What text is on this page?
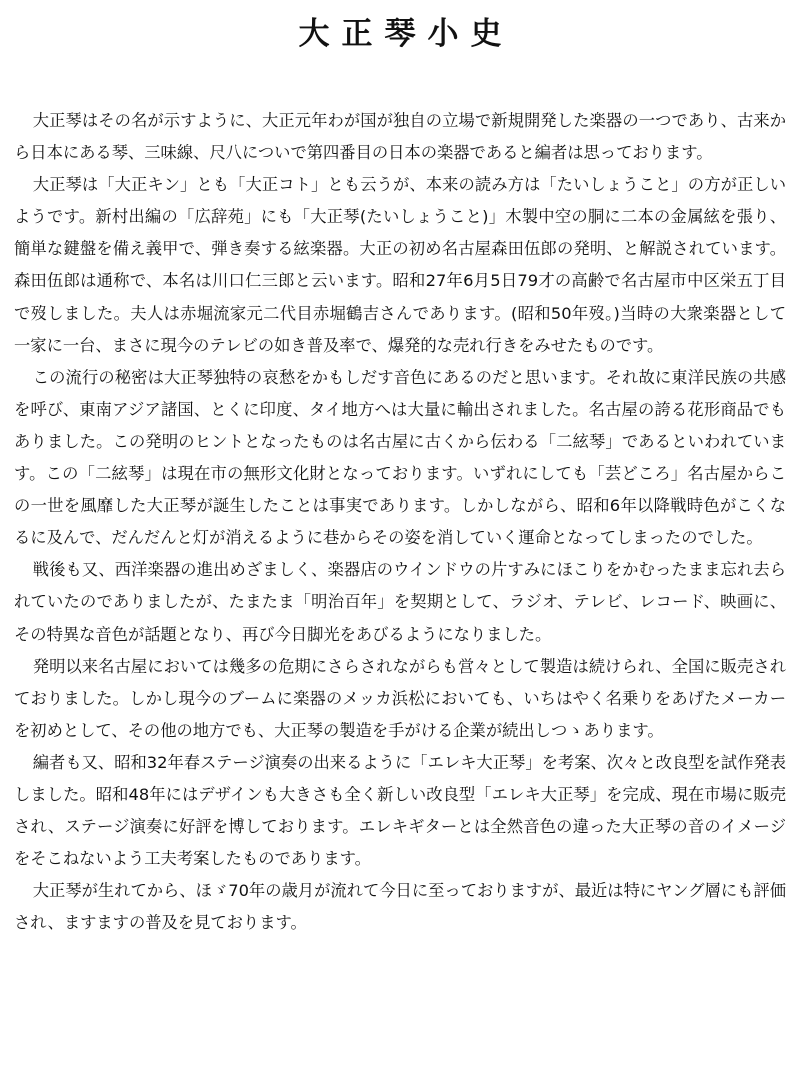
大正琴小史

大正琴はその名が示すように、大正元年わが国が独自の立場で新規開発した楽器の一つであり、古来から日本にある琴、三味線、尺八についで第四番目の日本の楽器であると編者は思っております。

大正琴は「大正キン」とも「大正コト」とも云うが、本来の読み方は「たいしょうこと」の方が正しいようです。新村出編の「広辞苑」にも「大正琴(たいしょうこと)」木製中空の胴に二本の金属絃を張り、簡単な鍵盤を備え義甲で、弾き奏する絃楽器。大正の初め名古屋森田伍郎の発明、と解説されています。森田伍郎は通称で、本名は川口仁三郎と云います。昭和27年6月5日79才の高齢で名古屋市中区栄五丁目で歿しました。夫人は赤堀流家元二代目赤堀鶴吉さんであります。(昭和50年歿。)当時の大衆楽器として一家に一台、まさに現今のテレビの如き普及率で、爆発的な売れ行きをみせたものです。

この流行の秘密は大正琴独特の哀愁をかもしだす音色にあるのだと思います。それ故に東洋民族の共感を呼び、東南アジア諸国、とくに印度、タイ地方へは大量に輸出されました。名古屋の誇る花形商品でもありました。この発明のヒントとなったものは名古屋に古くから伝わる「二絃琴」であるといわれています。この「二絃琴」は現在市の無形文化財となっております。いずれにしても「芸どころ」名古屋からこの一世を風靡した大正琴が誕生したことは事実であります。しかしながら、昭和6年以降戦時色がこくなるに及んで、だんだんと灯が消えるように巷からその姿を消していく運命となってしまったのでした。

戦後も又、西洋楽器の進出めざましく、楽器店のウインドウの片すみにほこりをかむったまま忘れ去られていたのでありましたが、たまたま「明治百年」を契期として、ラジオ、テレビ、レコード、映画に、その特異な音色が話題となり、再び今日脚光をあびるようになりました。

発明以来名古屋においては幾多の危期にさらされながらも営々として製造は続けられ、全国に販売されておりました。しかし現今のブームに楽器のメッカ浜松においても、いちはやく名乗りをあげたメーカーを初めとして、その他の地方でも、大正琴の製造を手がける企業が続出しつゝあります。

編者も又、昭和32年春ステージ演奏の出来るように「エレキ大正琴」を考案、次々と改良型を試作発表しました。昭和48年にはデザインも大きさも全く新しい改良型「エレキ大正琴」を完成、現在市場に販売され、ステージ演奏に好評を博しております。エレキギターとは全然音色の違った大正琴の音のイメージをそこねないよう工夫考案したものであります。

大正琴が生れてから、ほゞ70年の歳月が流れて今日に至っておりますが、最近は特にヤング層にも評価され、ますますの普及を見ております。
